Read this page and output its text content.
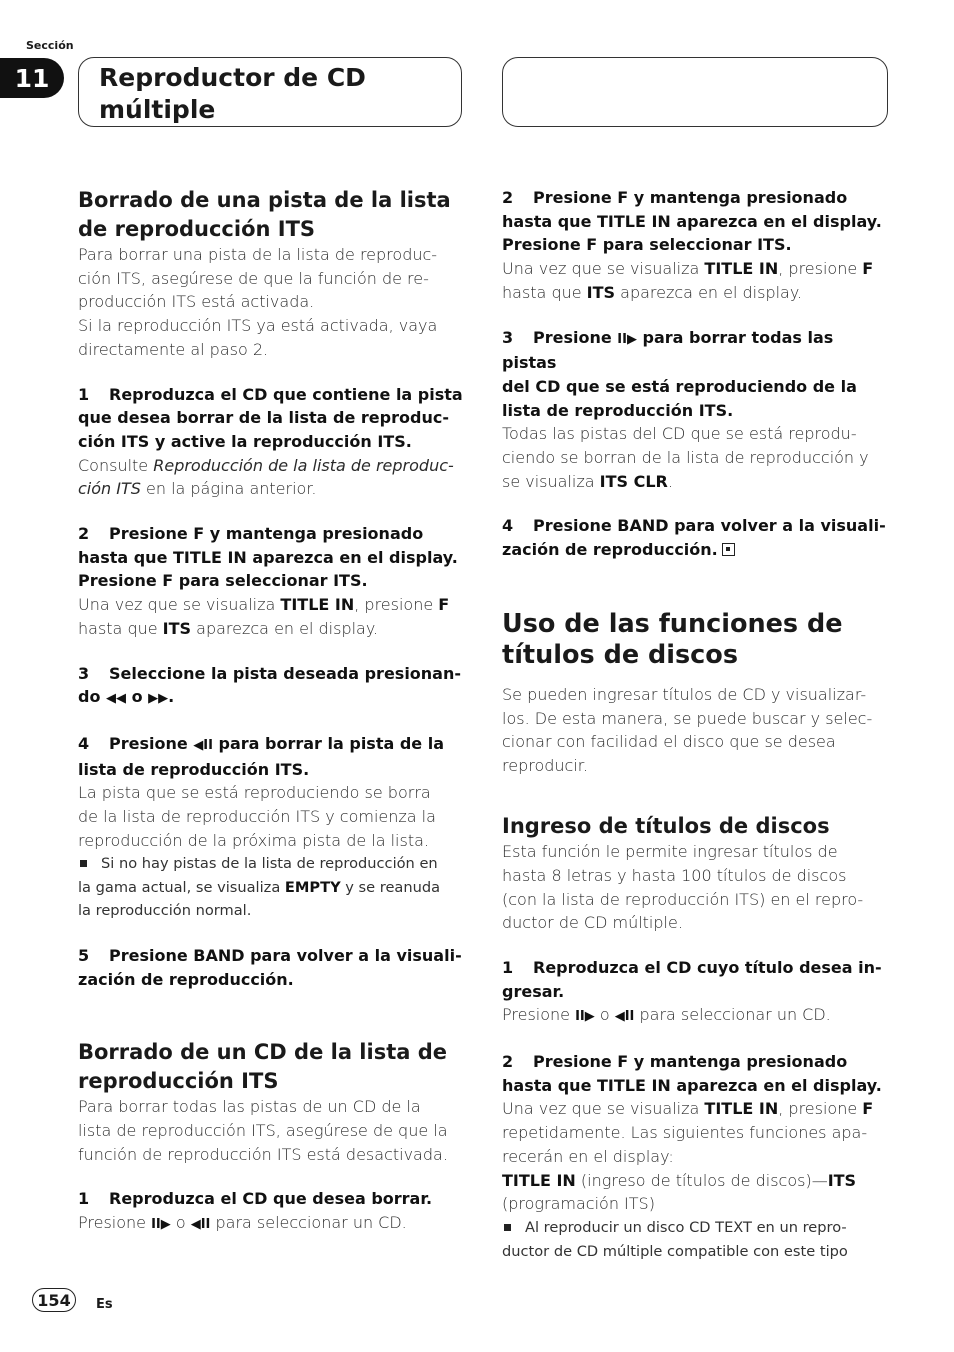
Sección
11	Reproductor de CD
múltiple
Borrado de una pista de la lista
de reproducción ITS

Para borrar una pista de la lista de reproduc-
ción ITS, asegúrese de que la función de re-
producción ITS está activada.
Si la reproducción ITS ya está activada, vaya
directamente al paso 2.

1 Reproduzca el CD que contiene la pista
que desea borrar de la lista de reproduc-
ción ITS y active la reproducción ITS.

Consulte Reproducción de la lista de reproduc-
ción ITS en la página anterior.

2 Presione F y mantenga presionado
hasta que TITLE IN aparezca en el display.
Presione F para seleccionar ITS.

Una vez que se visualiza TITLE IN, presione F
hasta que ITS aparezca en el display.

3 Seleccione la pista deseada presionan-
do ◀◀ o ▶▶.
4 Presione ◀II para borrar la pista de la
lista de reproducción ITS.

La pista que se está reproduciendo se borra
de la lista de reproducción ITS y comienza la
reproducción de la próxima pista de la lista.

Si no hay pistas de la lista de reproducción en
la gama actual, se visualiza EMPTY y se reanuda
la reproducción normal.
5 Presione BAND para volver a la visuali-
zación de reproducción.
Borrado de un CD de la lista de
reproducción ITS

Para borrar todas las pistas de un CD de la
lista de reproducción ITS, asegúrese de que la
función de reproducción ITS está desactivada.

1 Reproduzca el CD que desea borrar.

Presione II▶ o ◀II para seleccionar un CD.

2 Presione F y mantenga presionado
hasta que TITLE IN aparezca en el display.
Presione F para seleccionar ITS.

Una vez que se visualiza TITLE IN, presione F
hasta que ITS aparezca en el display.

3 Presione II▶ para borrar todas las pistas
del CD que se está reproduciendo de la
lista de reproducción ITS.

Todas las pistas del CD que se está reprodu-
ciendo se borran de la lista de reproducción y
se visualiza ITS CLR.

4 Presione BAND para volver a la visuali-
zación de reproducción.
Uso de las funciones de
títulos de discos

Se pueden ingresar títulos de CD y visualizar-
los. De esta manera, se puede buscar y selec-
cionar con facilidad el disco que se desea
reproducir.

Ingreso de títulos de discos

Esta función le permite ingresar títulos de
hasta 8 letras y hasta 100 títulos de discos
(con la lista de reproducción ITS) en el repro-
ductor de CD múltiple.

1 Reproduzca el CD cuyo título desea in-
gresar.

Presione II▶ o ◀II para seleccionar un CD.

2 Presione F y mantenga presionado
hasta que TITLE IN aparezca en el display.

Una vez que se visualiza TITLE IN, presione F
repetidamente. Las siguientes funciones apa-
recerán en el display:
TITLE IN (ingreso de títulos de discos)—ITS
(programación ITS)

Al reproducir un disco CD TEXT en un repro-
ductor de CD múltiple compatible con este tipo
154	Es
